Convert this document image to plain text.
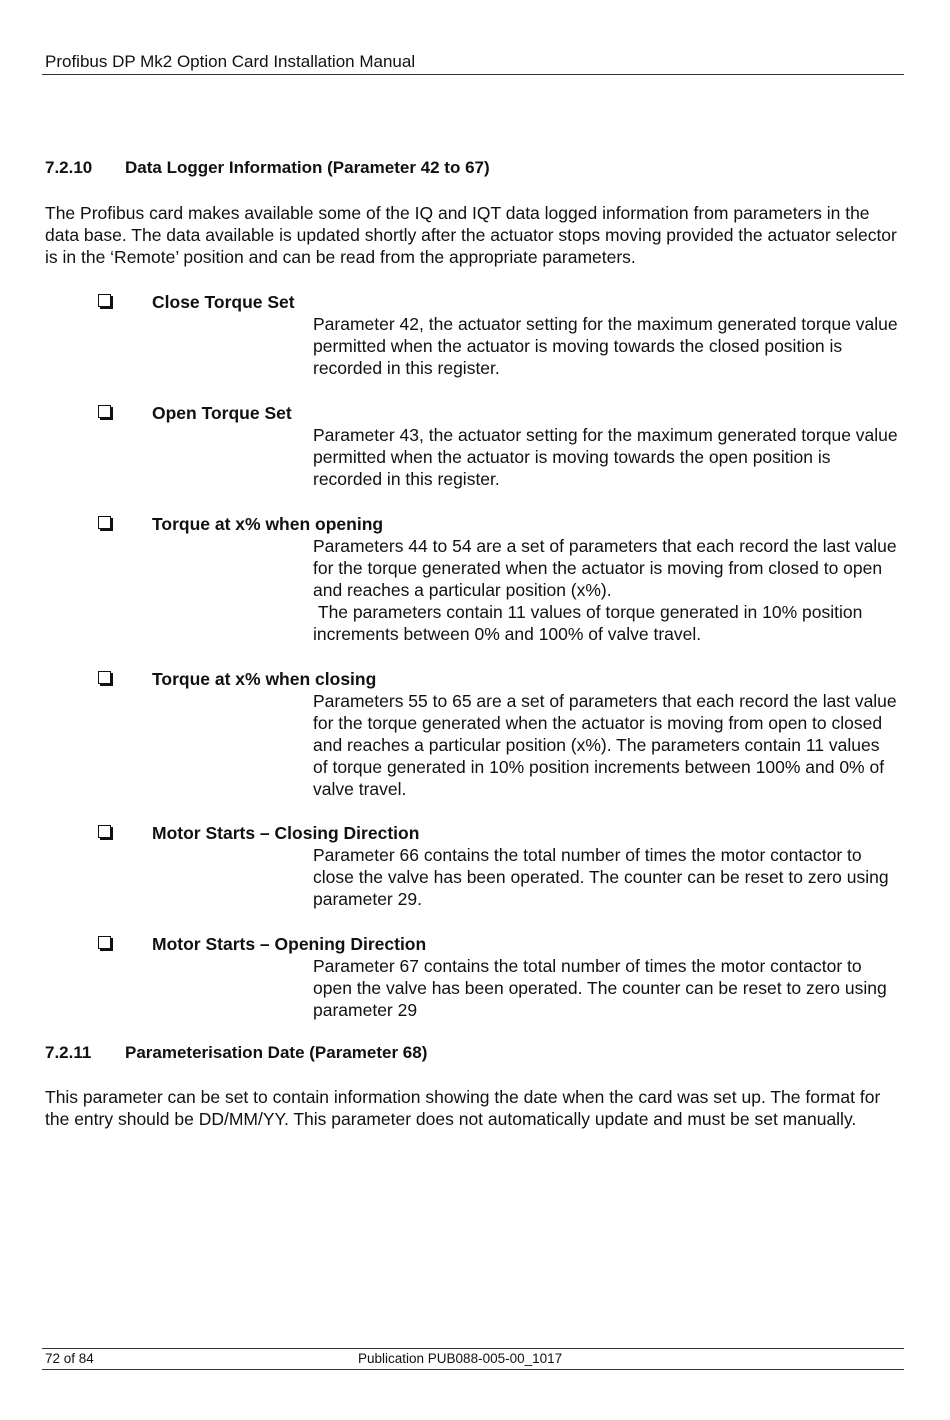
Profibus DP Mk2 Option Card Installation Manual
7.2.10 Data Logger Information (Parameter 42 to 67)
The Profibus card makes available some of the IQ and IQT data logged information from parameters in the data base. The data available is updated shortly after the actuator stops moving provided the actuator selector is in the ‘Remote’ position and can be read from the appropriate parameters.
Close Torque Set

Parameter 42, the actuator setting for the maximum generated torque value permitted when the actuator is moving towards the closed position is recorded in this register.

Open Torque Set

Parameter 43, the actuator setting for the maximum generated torque value permitted when the actuator is moving towards the open position is recorded in this register.

Torque at x% when opening

Parameters 44 to 54 are a set of parameters that each record the last value for the torque generated when the actuator is moving from closed to open and reaches a particular position (x%).

The parameters contain 11 values of torque generated in 10% position increments between 0% and 100% of valve travel.

Torque at x% when closing

Parameters 55 to 65 are a set of parameters that each record the last value for the torque generated when the actuator is moving from open to closed and reaches a particular position (x%). The parameters contain 11 values of torque generated in 10% position increments between 100% and 0% of valve travel.

Motor Starts – Closing Direction

Parameter 66 contains the total number of times the motor contactor to close the valve has been operated. The counter can be reset to zero using parameter 29.

Motor Starts – Opening Direction

Parameter 67 contains the total number of times the motor contactor to open the valve has been operated. The counter can be reset to zero using parameter 29

7.2.11 Parameterisation Date (Parameter 68)
This parameter can be set to contain information showing the date when the card was set up. The format for the entry should be DD/MM/YY. This parameter does not automatically update and must be set manually.
72 of 84	Publication PUB088-005-00_1017
